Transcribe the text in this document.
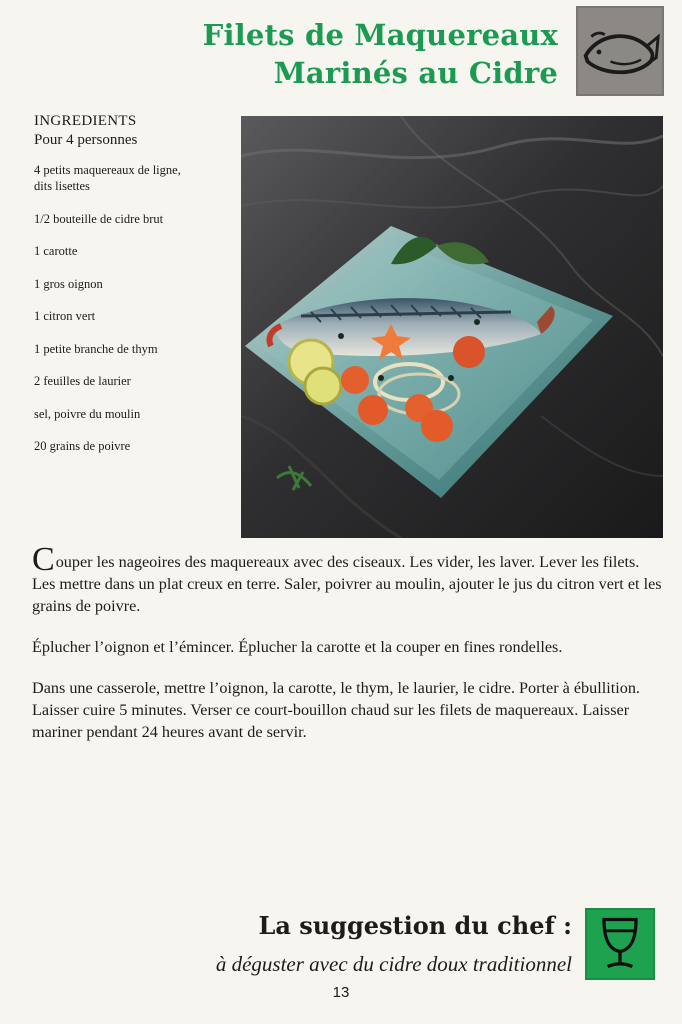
Filets de Maquereaux
Marinés au Cidre
INGREDIENTS
Pour 4 personnes
4 petits maquereaux de ligne, dits lisettes
1/2 bouteille de cidre brut
1 carotte
1 gros oignon
1 citron vert
1 petite branche de thym
2 feuilles de laurier
sel, poivre du moulin
20 grains de poivre

Couper les nageoires des maquereaux avec des ciseaux. Les vider, les laver. Lever les filets. Les mettre dans un plat creux en terre. Saler, poivrer au moulin, ajouter le jus du citron vert et les grains de poivre.

Éplucher l’oignon et l’émincer. Éplucher la carotte et la couper en fines rondelles.

Dans une casserole, mettre l’oignon, la carotte, le thym, le laurier, le cidre. Porter à ébullition. Laisser cuire 5 minutes. Verser ce court-bouillon chaud sur les filets de maquereaux. Laisser mariner pendant 24 heures avant de servir.

La suggestion du chef :
à déguster avec du cidre doux traditionnel
13
